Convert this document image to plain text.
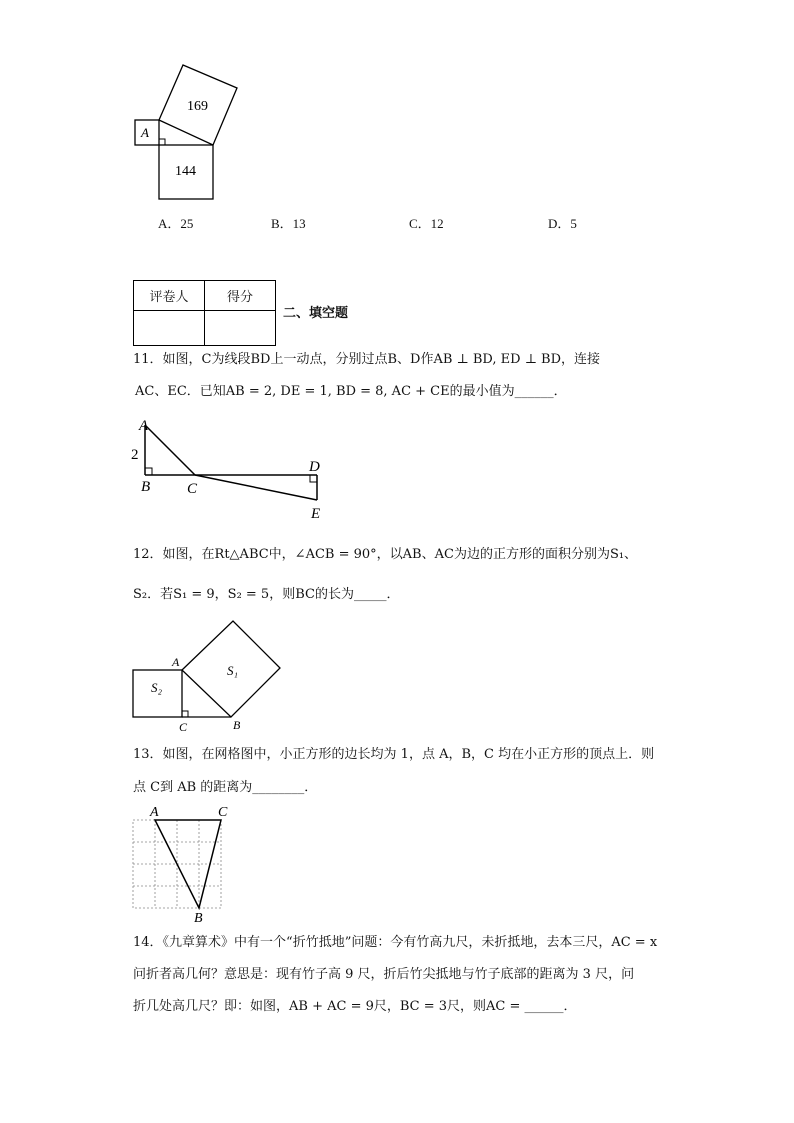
169
144
A
A．25	B．13	C．12	D．5
评卷人	得分

二、填空题
11．如图，C为线段BD上一动点，分别过点B、D作AB ⊥ BD, ED ⊥ BD，连接
AC、EC．已知AB = 2, DE = 1, BD = 8, AC + CE的最小值为______．
A
2
B C
D
E
12．如图，在Rt△ABC中，∠ACB = 90°，以AB、AC为边的正方形的面积分别为S₁、
S₂．若S₁ = 9，S₂ = 5，则BC的长为_____．
S₁
S₂
A
B
C
13．如图，在网格图中，小正方形的边长均为 1，点 A，B，C 均在小正方形的顶点上．则
点 C到 AB 的距离为________．
A	C
B
14．《九章算术》中有一个“折竹抵地”问题：今有竹高九尺，未折抵地，去本三尺，AC = x
问折者高几何？意思是：现有竹子高 9 尺，折后竹尖抵地与竹子底部的距离为 3 尺，问
折几处高几尺？即：如图，AB + AC = 9尺，BC = 3尺，则AC = ______．
